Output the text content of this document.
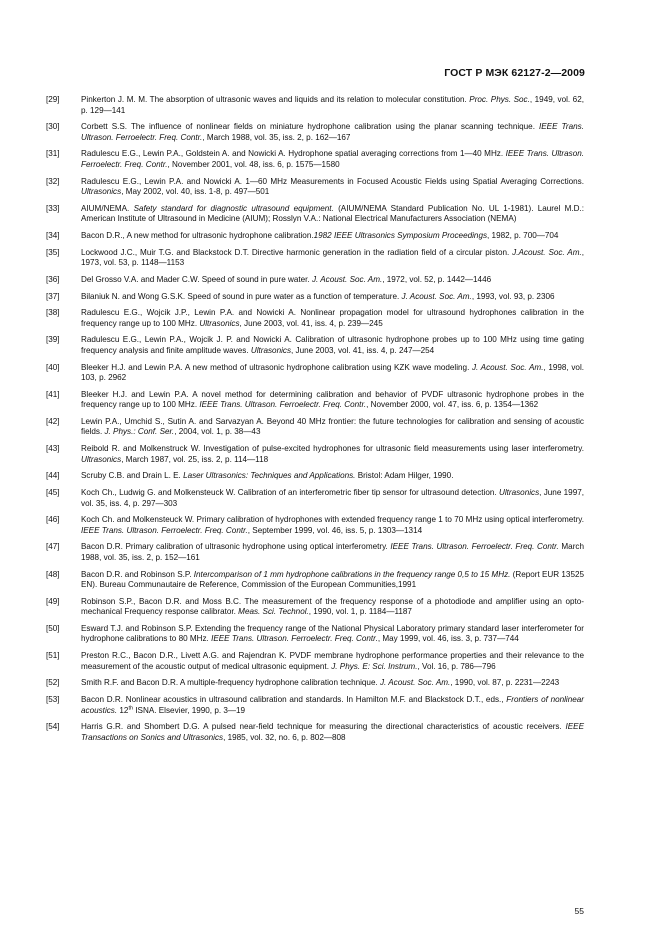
ГОСТ Р МЭК 62127-2—2009
[29]	Pinkerton J. M. M. The absorption of ultrasonic waves and liquids and its relation to molecular constitution. Proc. Phys. Soc., 1949, vol. 62, p. 129—141
[30]	Corbett S.S. The influence of nonlinear fields on miniature hydrophone calibration using the planar scanning technique. IEEE Trans. Ultrason. Ferroelectr. Freq. Contr., March 1988, vol. 35, iss. 2, p. 162—167
[31]	Radulescu E.G., Lewin P.A., Goldstein A. and Nowicki A. Hydrophone spatial averaging corrections from 1—40 MHz. IEEE Trans. Ultrason. Ferroelectr. Freq. Contr., November 2001, vol. 48, iss. 6, p. 1575—1580
[32]	Radulescu E.G., Lewin P.A. and Nowicki A. 1—60 MHz Measurements in Focused Acoustic Fields using Spatial Averaging Corrections. Ultrasonics, May 2002, vol. 40, iss. 1-8, p. 497—501
[33]	AIUM/NEMA. Safety standard for diagnostic ultrasound equipment. (AIUM/NEMA Standard Publication No. UL 1-1981). Laurel M.D.: American Institute of Ultrasound in Medicine (AIUM); Rosslyn V.A.: National Electrical Manufacturers Association (NEMA)
[34]	Bacon D.R., A new method for ultrasonic hydrophone calibration.1982 IEEE Ultrasonics Symposium Proceedings, 1982, p. 700—704
[35]	Lockwood J.C., Muir T.G. and Blackstock D.T. Directive harmonic generation in the radiation field of a circular piston. J.Acoust. Soc. Am., 1973, vol. 53, p. 1148—1153
[36]	Del Grosso V.A. and Mader C.W. Speed of sound in pure water. J. Acoust. Soc. Am., 1972, vol. 52, p. 1442—1446
[37]	Bilaniuk N. and Wong G.S.K. Speed of sound in pure water as a function of temperature. J. Acoust. Soc. Am., 1993, vol. 93, p. 2306
[38]	Radulescu E.G., Wojcik J.P., Lewin P.A. and Nowicki A. Nonlinear propagation model for ultrasound hydrophones calibration in the frequency range up to 100 MHz. Ultrasonics, June 2003, vol. 41, iss. 4, p. 239—245
[39]	Radulescu E.G., Lewin P.A., Wojcik J. P. and Nowicki A. Calibration of ultrasonic hydrophone probes up to 100 MHz using time gating frequency analysis and finite amplitude waves. Ultrasonics, June 2003, vol. 41, iss. 4, p. 247—254
[40]	Bleeker H.J. and Lewin P.A. A new method of ultrasonic hydrophone calibration using KZK wave modeling. J. Acoust. Soc. Am., 1998, vol. 103, p. 2962
[41]	Bleeker H.J. and Lewin P.A. A novel method for determining calibration and behavior of PVDF ultrasonic hydrophone probes in the frequency range up to 100 MHz. IEEE Trans. Ultrason. Ferroelectr. Freq. Contr., November 2000, vol. 47, iss. 6, p. 1354—1362
[42]	Lewin P.A., Umchid S., Sutin A. and Sarvazyan A. Beyond 40 MHz frontier: the future technologies for calibration and sensing of acoustic fields. J. Phys.: Conf. Ser., 2004, vol. 1, p. 38—43
[43]	Reibold R. and Molkenstruck W. Investigation of pulse-excited hydrophones for ultrasonic field measurements using laser interferometry. Ultrasonics, March 1987, vol. 25, iss. 2, p. 114—118
[44]	Scruby C.B. and Drain L. E. Laser Ultrasonics: Techniques and Applications. Bristol: Adam Hilger, 1990.
[45]	Koch Ch., Ludwig G. and Molkensteuck W. Calibration of an interferometric fiber tip sensor for ultrasound detection. Ultrasonics, June 1997, vol. 35, iss. 4, p. 297—303
[46]	Koch Ch. and Molkensteuck W. Primary calibration of hydrophones with extended frequency range 1 to 70 MHz using optical interferometry. IEEE Trans. Ultrason. Ferroelectr. Freq. Contr., September 1999, vol. 46, iss. 5, p. 1303—1314
[47]	Bacon D.R. Primary calibration of ultrasonic hydrophone using optical interferometry. IEEE Trans. Ultrason. Ferroelectr. Freq. Contr. March 1988, vol. 35, iss. 2, p. 152—161
[48]	Bacon D.R. and Robinson S.P. Intercomparison of 1 mm hydrophone calibrations in the frequency range 0,5 to 15 MHz. (Report EUR 13525 EN). Bureau Communautaire de Reference, Commission of the European Communities,1991
[49]	Robinson S.P., Bacon D.R. and Moss B.C. The measurement of the frequency response of a photodiode and amplifier using an opto-mechanical Frequency response calibrator. Meas. Sci. Technol., 1990, vol. 1, p. 1184—1187
[50]	Esward T.J. and Robinson S.P. Extending the frequency range of the National Physical Laboratory primary standard laser interferometer for hydrophone calibrations to 80 MHz. IEEE Trans. Ultrason. Ferroelectr. Freq. Contr., May 1999, vol. 46, iss. 3, p. 737—744
[51]	Preston R.C., Bacon D.R., Livett A.G. and Rajendran K. PVDF membrane hydrophone performance properties and their relevance to the measurement of the acoustic output of medical ultrasonic equipment. J. Phys. E: Sci. Instrum., Vol. 16, p. 786—796
[52]	Smith R.F. and Bacon D.R. A multiple-frequency hydrophone calibration technique. J. Acoust. Soc. Am., 1990, vol. 87, p. 2231—2243
[53]	Bacon D.R. Nonlinear acoustics in ultrasound calibration and standards. In Hamilton M.F. and Blackstock D.T., eds., Frontiers of nonlinear acoustics. 12th ISNA. Elsevier, 1990, p. 3—19
[54]	Harris G.R. and Shombert D.G. A pulsed near-field technique for measuring the directional characteristics of acoustic receivers. IEEE Transactions on Sonics and Ultrasonics, 1985, vol. 32, no. 6, p. 802—808
55
